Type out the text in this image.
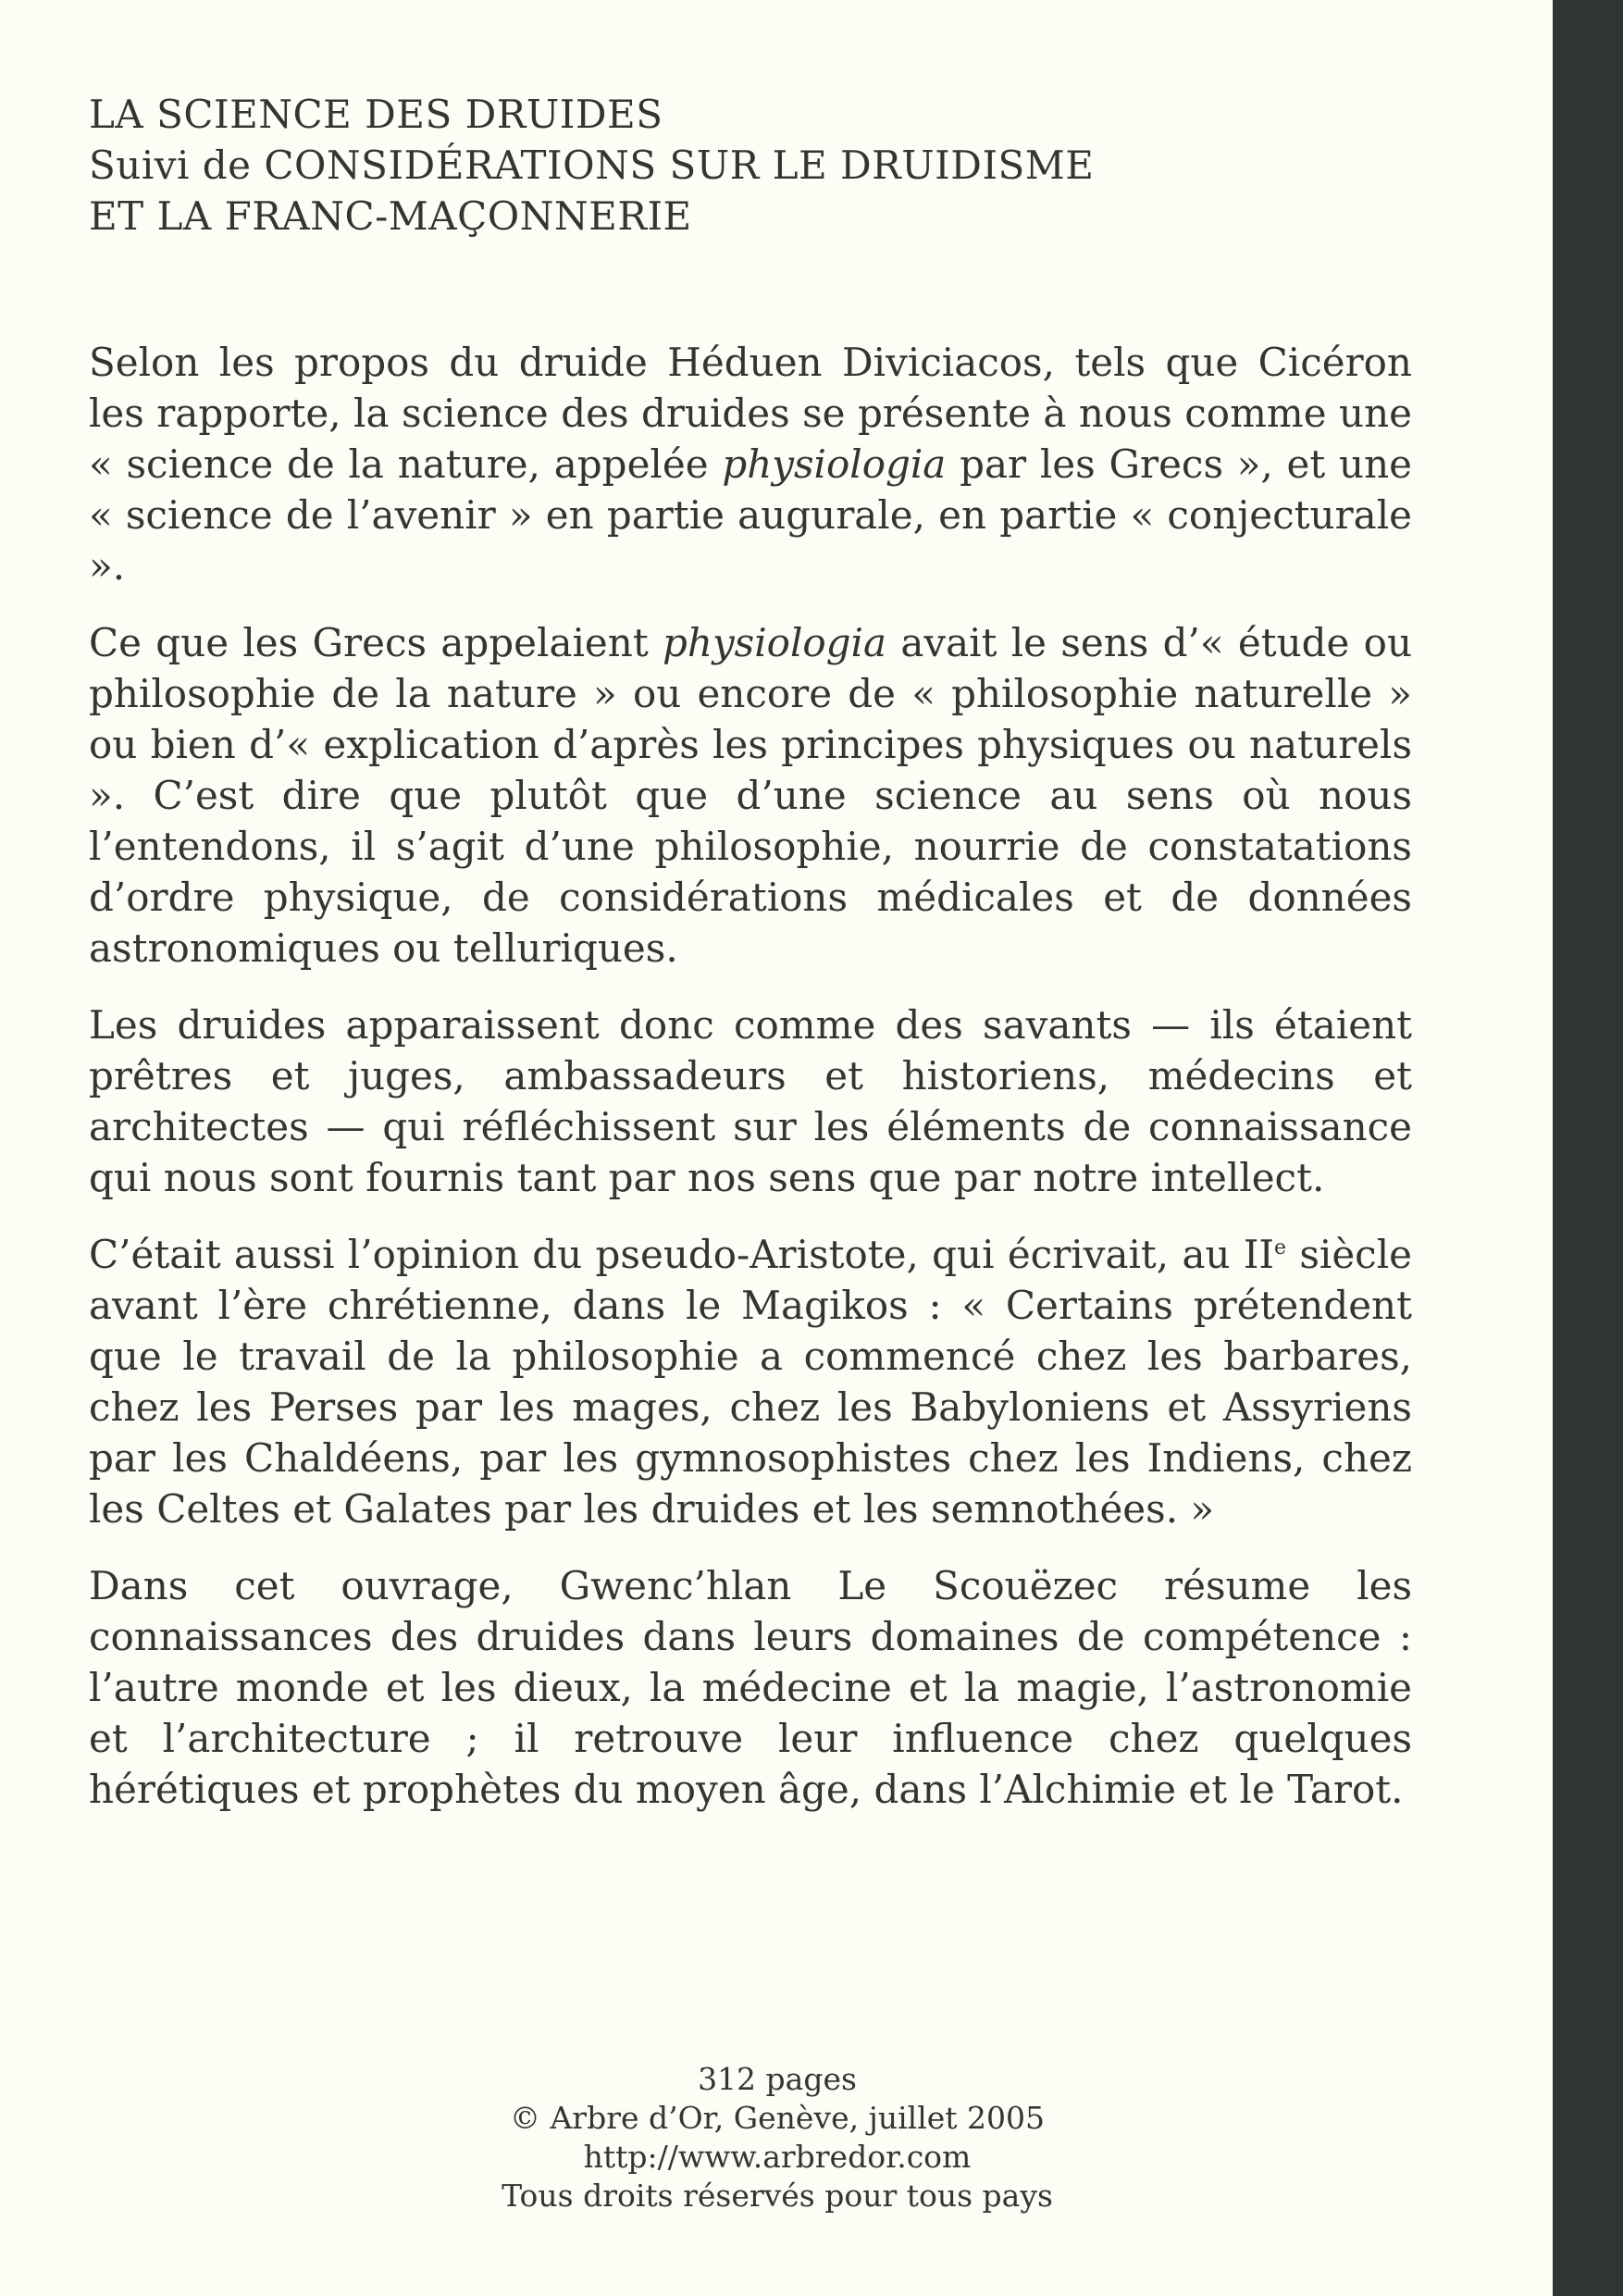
LA SCIENCE DES DRUIDES
Suivi de CONSIDÉRATIONS SUR LE DRUIDISME
ET LA FRANC-MAÇONNERIE

Selon les propos du druide Héduen Diviciacos, tels que Cicéron les rapporte, la science des druides se présente à nous comme une « science de la nature, appelée physiologia par les Grecs », et une « science de l’avenir » en partie augurale, en partie « conjecturale ».

Ce que les Grecs appelaient physiologia avait le sens d’« étude ou philosophie de la nature » ou encore de « philosophie naturelle » ou bien d’« explication d’après les principes physiques ou naturels ». C’est dire que plutôt que d’une science au sens où nous l’entendons, il s’agit d’une philosophie, nourrie de constatations d’ordre physique, de considérations médicales et de données astronomiques ou telluriques.

Les druides apparaissent donc comme des savants — ils étaient prêtres et juges, ambassadeurs et historiens, médecins et architectes — qui réfléchissent sur les éléments de connaissance qui nous sont fournis tant par nos sens que par notre intellect.

C’était aussi l’opinion du pseudo-Aristote, qui écrivait, au IIe siècle avant l’ère chrétienne, dans le Magikos : « Certains prétendent que le travail de la philosophie a commencé chez les barbares, chez les Perses par les mages, chez les Babyloniens et Assyriens par les Chaldéens, par les gymnosophistes chez les Indiens, chez les Celtes et Galates par les druides et les semnothées. »

Dans cet ouvrage, Gwenc’hlan Le Scouëzec résume les connaissances des druides dans leurs domaines de compétence : l’autre monde et les dieux, la médecine et la magie, l’astronomie et l’architecture ; il retrouve leur influence chez quelques hérétiques et prophètes du moyen âge, dans l’Alchimie et le Tarot.

312 pages
© Arbre d’Or, Genève, juillet 2005
http://www.arbredor.com
Tous droits réservés pour tous pays
